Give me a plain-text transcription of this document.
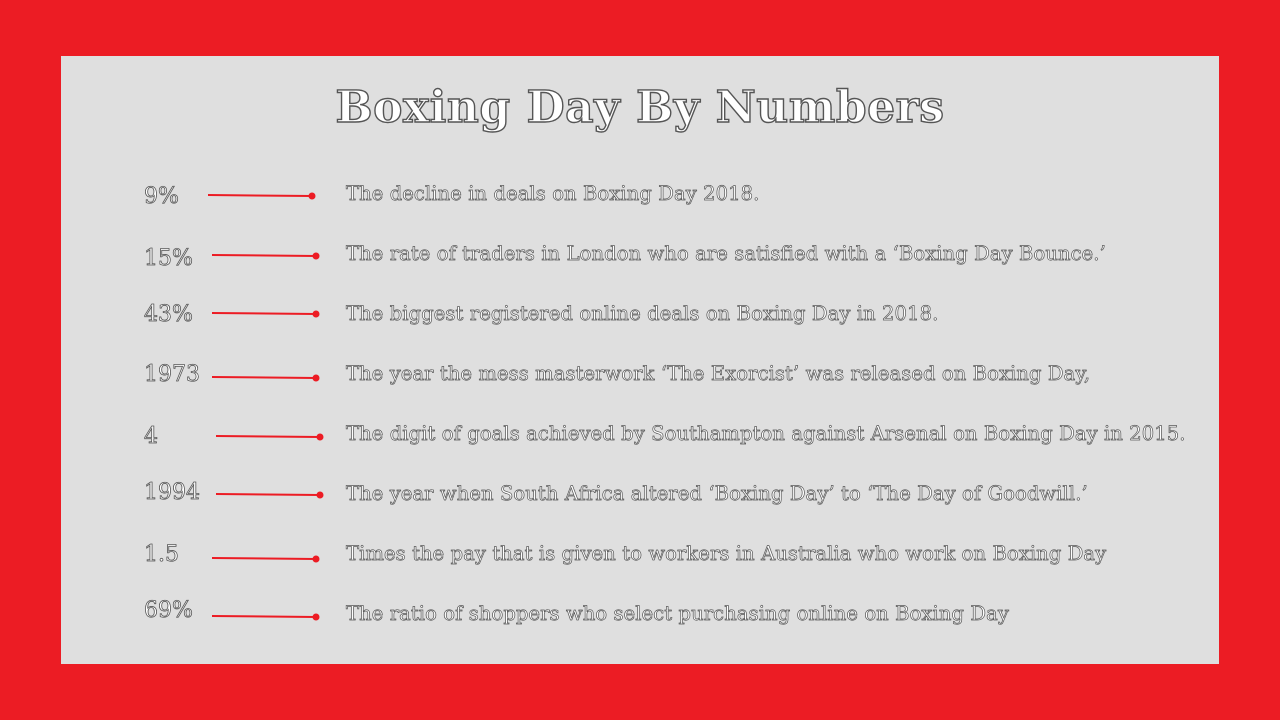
Boxing Day By Numbers
9%	The decline in deals on Boxing Day 2018.
15%	The rate of traders in London who are satisfied with a ‘Boxing Day Bounce.’
43%	The biggest registered online deals on Boxing Day in 2018.
1973	The year the mess masterwork ‘The Exorcist’ was released on Boxing Day,
4	The digit of goals achieved by Southampton against Arsenal on Boxing Day in 2015.
1994	The year when South Africa altered ‘Boxing Day’ to ‘The Day of Goodwill.’
1.5	Times the pay that is given to workers in Australia who work on Boxing Day
69%	The ratio of shoppers who select purchasing online on Boxing Day
